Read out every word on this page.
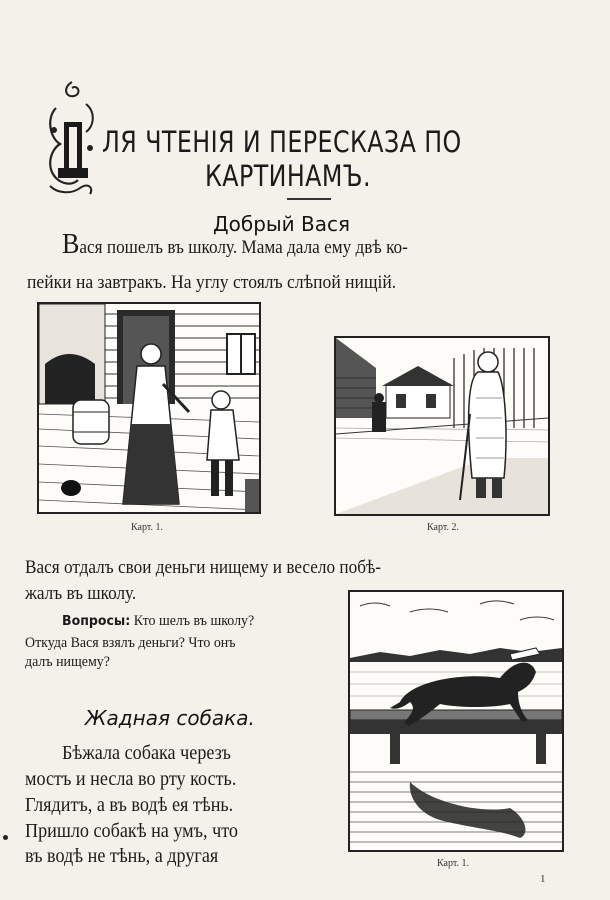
ЛЯ ЧТЕНІЯ И ПЕРЕСКАЗА ПО
КАРТИНАМЪ.
Добрый Вася
Вася пошелъ въ школу. Мама дала ему двѣ ко-
пейки на завтракъ. На углу стоялъ слѣпой нищій.
Карт. 1.	Карт. 2.
Вася отдалъ свои деньги нищему и весело побѣ-
жалъ въ школу.
Вопросы: Кто шелъ въ школу?
Откуда Вася взялъ деньги? Что онъ
далъ нищему?
Жадная собака.
Бѣжала собака черезъ
мостъ и несла во рту кость.
Глядитъ, а въ водѣ ея тѣнь.
Пришло собакѣ на умъ, что
въ водѣ не тѣнь, а другая	Карт. 1.
1
